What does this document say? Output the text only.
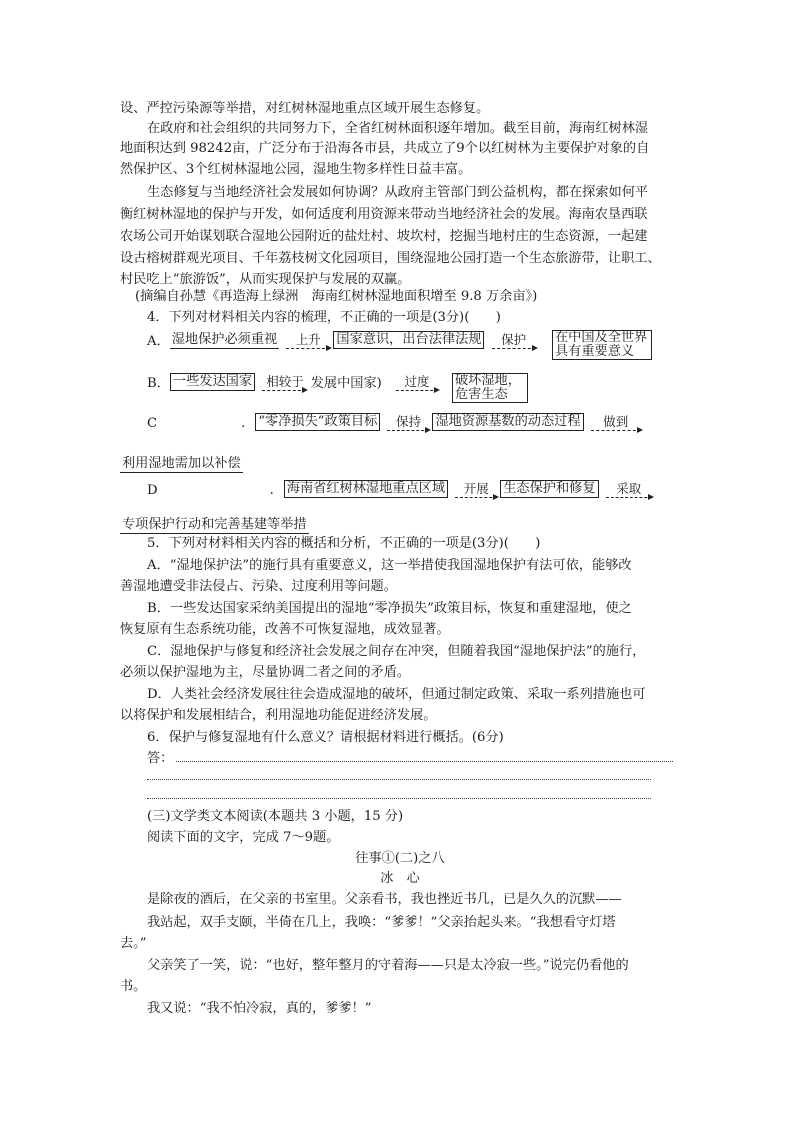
设、严控污染源等举措，对红树林湿地重点区域开展生态修复。
在政府和社会组织的共同努力下，全省红树林面积逐年增加。截至目前，海南红树林湿
地面积达到 98242亩，广泛分布于沿海各市县，共成立了9个以红树林为主要保护对象的自
然保护区、3个红树林湿地公园，湿地生物多样性日益丰富。
生态修复与当地经济社会发展如何协调？从政府主管部门到公益机构，都在探索如何平
衡红树林湿地的保护与开发，如何适度利用资源来带动当地经济社会的发展。海南农垦西联
农场公司开始谋划联合湿地公园附近的盐灶村、坡坎村，挖掘当地村庄的生态资源，一起建
设古榕树群观光项目、千年荔枝树文化园项目，围绕湿地公园打造一个生态旅游带，让职工、
村民吃上“旅游饭”，从而实现保护与发展的双赢。
(摘编自孙慧《再造海上绿洲　海南红树林湿地面积增至 9.8 万余亩》)
4．下列对材料相关内容的梳理，不正确的一项是(3分)(　　)
A． 湿地保护必须重视	上升	国家意识，出台法律法规	保护	在中国及全世界
具有重要意义
B． 一些发达国家	相较于 发展中国家)	过度	破坏湿地，
危害生态
C	. “零净损失”政策目标	保持	湿地资源基数的动态过程	做到
利用湿地需加以补偿
D	. 海南省红树林湿地重点区域	开展	生态保护和修复	采取
专项保护行动和完善基建等举措
5．下列对材料相关内容的概括和分析，不正确的一项是(3分)(　　)
A．“湿地保护法”的施行具有重要意义，这一举措使我国湿地保护有法可依，能够改
善湿地遭受非法侵占、污染、过度利用等问题。
B．一些发达国家采纳美国提出的湿地“零净损失”政策目标，恢复和重建湿地，使之
恢复原有生态系统功能，改善不可恢复湿地，成效显著。
C．湿地保护与修复和经济社会发展之间存在冲突，但随着我国“湿地保护法”的施行，
必须以保护湿地为主，尽量协调二者之间的矛盾。
D．人类社会经济发展往往会造成湿地的破坏，但通过制定政策、采取一系列措施也可
以将保护和发展相结合，利用湿地功能促进经济发展。
6．保护与修复湿地有什么意义？请根据材料进行概括。(6分)
答：
(三)文学类文本阅读(本题共 3 小题，15 分)
阅读下面的文字，完成 7～9题。
往事①(二)之八
冰　心
是除夜的酒后，在父亲的书室里。父亲看书，我也挫近书几，已是久久的沉默——
我站起，双手支颐，半倚在几上，我唤：“爹爹！”父亲抬起头来。“我想看守灯塔
去。”
父亲笑了一笑，说：“也好，整年整月的守着海——只是太冷寂一些。”说完仍看他的
书。
我又说：“我不怕冷寂，真的，爹爹！”
